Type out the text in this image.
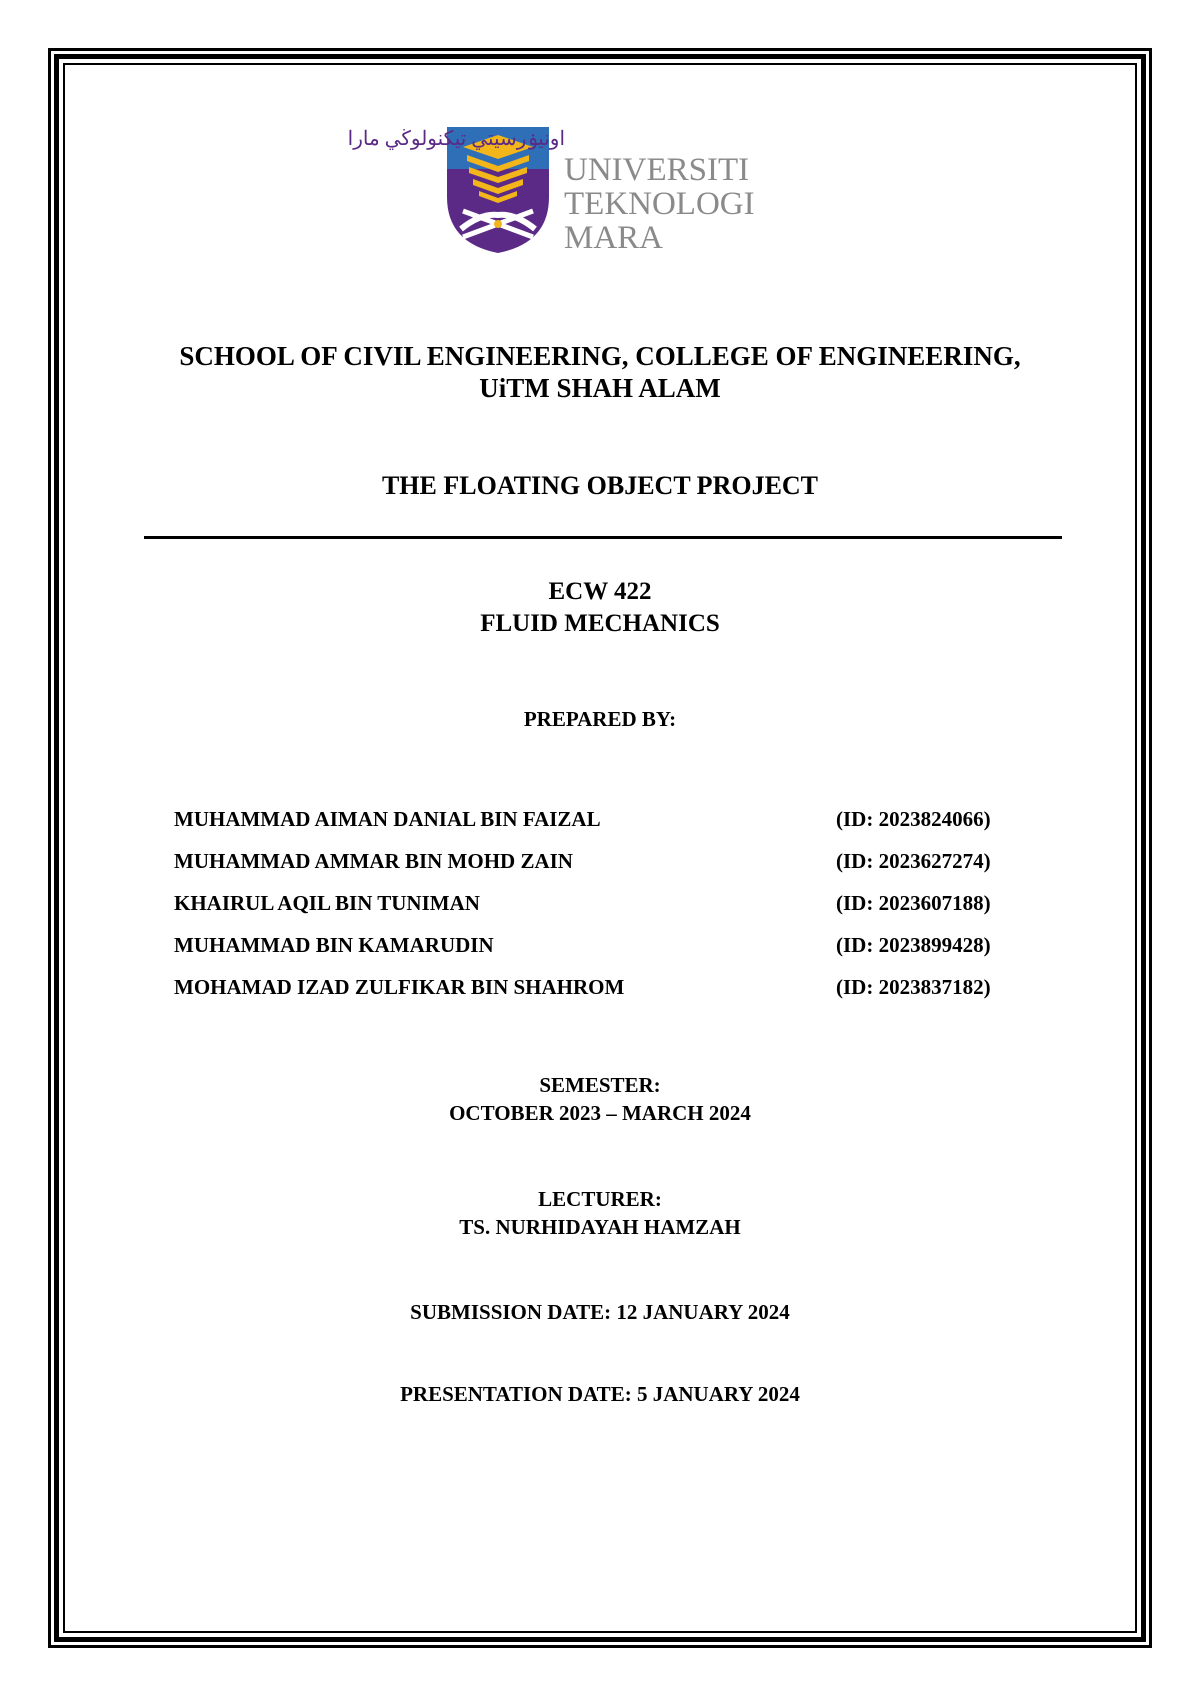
اونيۏرسيتي تيکنولوڬي مارا
UNIVERSITI
TEKNOLOGI
MARA
SCHOOL OF CIVIL ENGINEERING, COLLEGE OF ENGINEERING,
UiTM SHAH ALAM
THE FLOATING OBJECT PROJECT
ECW 422
FLUID MECHANICS
PREPARED BY:
MUHAMMAD AIMAN DANIAL BIN FAIZAL	(ID: 2023824066)
MUHAMMAD AMMAR BIN MOHD ZAIN	(ID: 2023627274)
KHAIRUL AQIL BIN TUNIMAN	(ID: 2023607188)
MUHAMMAD BIN KAMARUDIN	(ID: 2023899428)
MOHAMAD IZAD ZULFIKAR BIN SHAHROM	(ID: 2023837182)
SEMESTER:
OCTOBER 2023 – MARCH 2024
LECTURER:
TS. NURHIDAYAH HAMZAH
SUBMISSION DATE: 12 JANUARY 2024
PRESENTATION DATE: 5 JANUARY 2024
